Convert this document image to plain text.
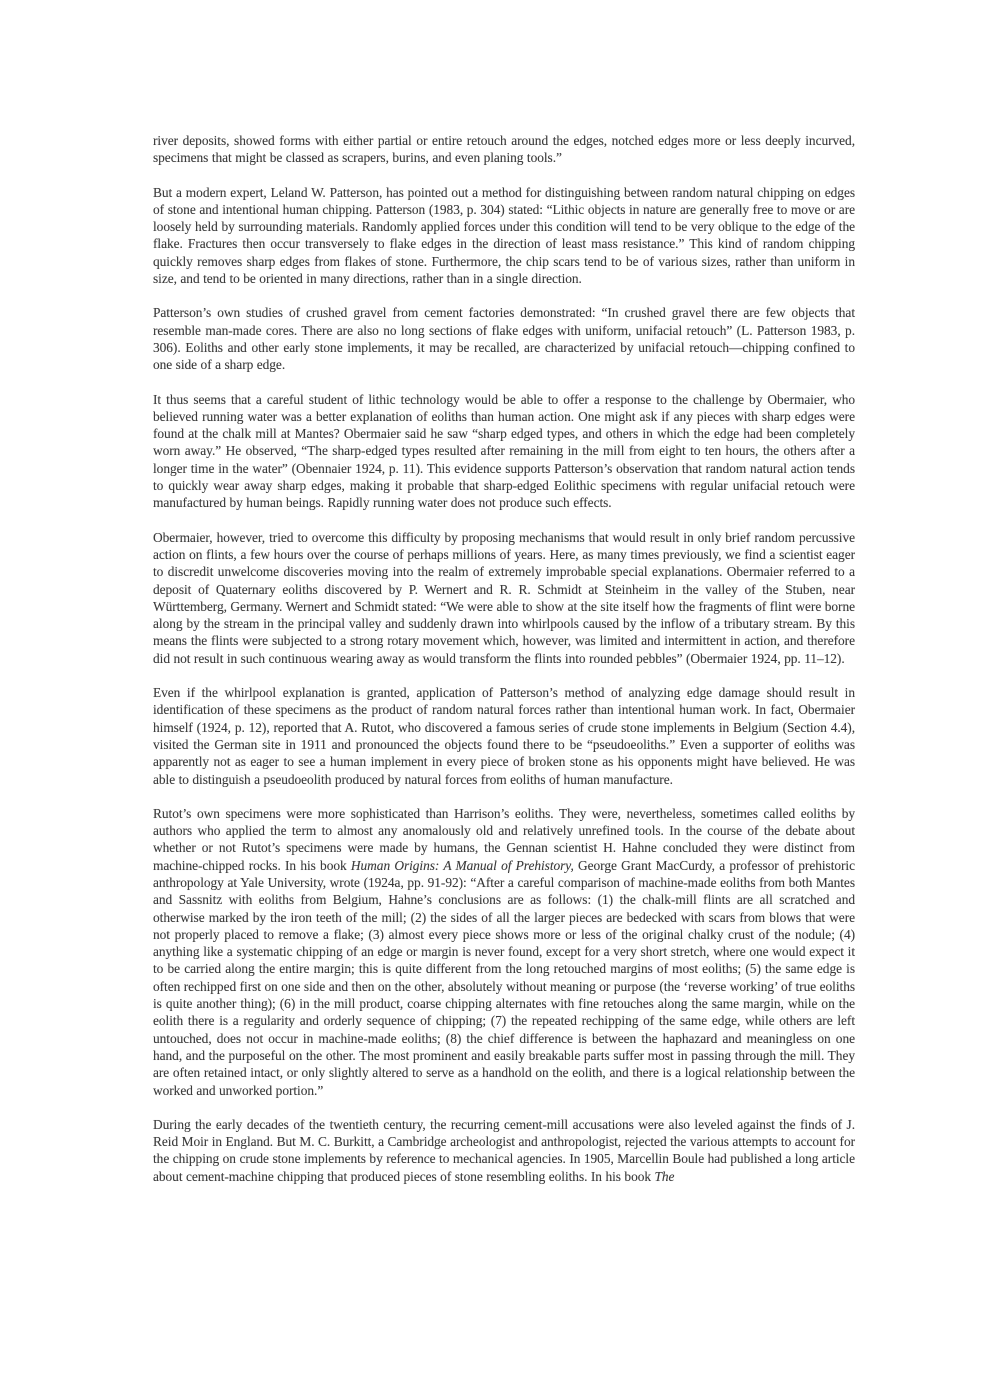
river deposits, showed forms with either partial or entire retouch around the edges, notched edges more or less deeply incurved, specimens that might be classed as scrapers, burins, and even planing tools.”

But a modern expert, Leland W. Patterson, has pointed out a method for distinguishing between random natural chipping on edges of stone and intentional human chipping. Patterson (1983, p. 304) stated: “Lithic objects in nature are generally free to move or are loosely held by surrounding materials. Randomly applied forces under this condition will tend to be very oblique to the edge of the flake. Fractures then occur transversely to flake edges in the direction of least mass resistance.” This kind of random chipping quickly removes sharp edges from flakes of stone. Furthermore, the chip scars tend to be of various sizes, rather than uniform in size, and tend to be oriented in many directions, rather than in a single direction.

Patterson’s own studies of crushed gravel from cement factories demonstrated: “In crushed gravel there are few objects that resemble man-made cores. There are also no long sections of flake edges with uniform, unifacial retouch” (L. Patterson 1983, p. 306). Eoliths and other early stone implements, it may be recalled, are characterized by unifacial retouch—chipping confined to one side of a sharp edge.

It thus seems that a careful student of lithic technology would be able to offer a response to the challenge by Obermaier, who believed running water was a better explanation of eoliths than human action. One might ask if any pieces with sharp edges were found at the chalk mill at Mantes? Obermaier said he saw “sharp edged types, and others in which the edge had been completely worn away.” He observed, “The sharp-edged types resulted after remaining in the mill from eight to ten hours, the others after a longer time in the water” (Obennaier 1924, p. 11). This evidence supports Patterson’s observation that random natural action tends to quickly wear away sharp edges, making it probable that sharp-edged Eolithic specimens with regular unifacial retouch were manufactured by human beings. Rapidly running water does not produce such effects.

Obermaier, however, tried to overcome this difficulty by proposing mechanisms that would result in only brief random percussive action on flints, a few hours over the course of perhaps millions of years. Here, as many times previously, we find a scientist eager to discredit unwelcome discoveries moving into the realm of extremely improbable special explanations. Obermaier referred to a deposit of Quaternary eoliths discovered by P. Wernert and R. R. Schmidt at Steinheim in the valley of the Stuben, near Württemberg, Germany. Wernert and Schmidt stated: “We were able to show at the site itself how the fragments of flint were borne along by the stream in the principal valley and suddenly drawn into whirlpools caused by the inflow of a tributary stream. By this means the flints were subjected to a strong rotary movement which, however, was limited and intermittent in action, and therefore did not result in such continuous wearing away as would transform the flints into rounded pebbles” (Obermaier 1924, pp. 11–12).

Even if the whirlpool explanation is granted, application of Patterson’s method of analyzing edge damage should result in identification of these specimens as the product of random natural forces rather than intentional human work. In fact, Obermaier himself (1924, p. 12), reported that A. Rutot, who discovered a famous series of crude stone implements in Belgium (Section 4.4), visited the German site in 1911 and pronounced the objects found there to be “pseudoeoliths.” Even a supporter of eoliths was apparently not as eager to see a human implement in every piece of broken stone as his opponents might have believed. He was able to distinguish a pseudoeolith produced by natural forces from eoliths of human manufacture.

Rutot’s own specimens were more sophisticated than Harrison’s eoliths. They were, nevertheless, sometimes called eoliths by authors who applied the term to almost any anomalously old and relatively unrefined tools. In the course of the debate about whether or not Rutot’s specimens were made by humans, the Gennan scientist H. Hahne concluded they were distinct from machine-chipped rocks. In his book Human Origins: A Manual of Prehistory, George Grant MacCurdy, a professor of prehistoric anthropology at Yale University, wrote (1924a, pp. 91-92): “After a careful comparison of machine-made eoliths from both Mantes and Sassnitz with eoliths from Belgium, Hahne’s conclusions are as follows: (1) the chalk-mill flints are all scratched and otherwise marked by the iron teeth of the mill; (2) the sides of all the larger pieces are bedecked with scars from blows that were not properly placed to remove a flake; (3) almost every piece shows more or less of the original chalky crust of the nodule; (4) anything like a systematic chipping of an edge or margin is never found, except for a very short stretch, where one would expect it to be carried along the entire margin; this is quite different from the long retouched margins of most eoliths; (5) the same edge is often rechipped first on one side and then on the other, absolutely without meaning or purpose (the ‘reverse working’ of true eoliths is quite another thing); (6) in the mill product, coarse chipping alternates with fine retouches along the same margin, while on the eolith there is a regularity and orderly sequence of chipping; (7) the repeated rechipping of the same edge, while others are left untouched, does not occur in machine-made eoliths; (8) the chief difference is between the haphazard and meaningless on one hand, and the purposeful on the other. The most prominent and easily breakable parts suffer most in passing through the mill. They are often retained intact, or only slightly altered to serve as a handhold on the eolith, and there is a logical relationship between the worked and unworked portion.”

During the early decades of the twentieth century, the recurring cement-mill accusations were also leveled against the finds of J. Reid Moir in England. But M. C. Burkitt, a Cambridge archeologist and anthropologist, rejected the various attempts to account for the chipping on crude stone implements by reference to mechanical agencies. In 1905, Marcellin Boule had published a long article about cement-machine chipping that produced pieces of stone resembling eoliths. In his book The
